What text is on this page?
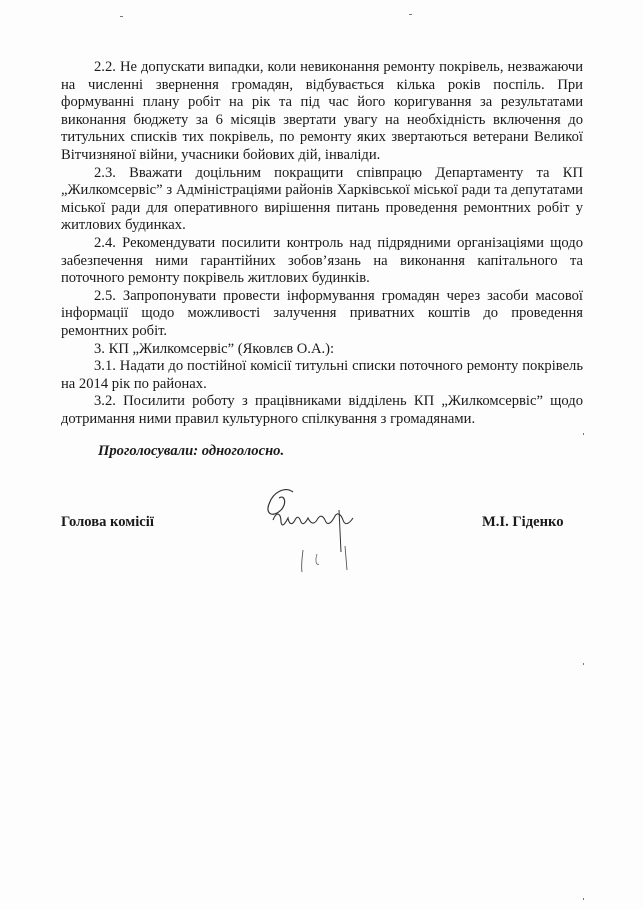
2.2. Не допускати випадки, коли невиконання ремонту покрівель, незважаючи на численні звернення громадян, відбувається кілька років поспіль. При формуванні плану робіт на рік та під час його коригування за результатами виконання бюджету за 6 місяців звертати увагу на необхідність включення до титульних списків тих покрівель, по ремонту яких звертаються ветерани Великої Вітчизняної війни, учасники бойових дій, інваліди.

2.3. Вважати доцільним покращити співпрацю Департаменту та КП „Жилкомсервіс” з Адміністраціями районів Харківської міської ради та депутатами міської ради для оперативного вирішення питань проведення ремонтних робіт у житлових будинках.

2.4. Рекомендувати посилити контроль над підрядними організаціями щодо забезпечення ними гарантійних зобов’язань на виконання капітального та поточного ремонту покрівель житлових будинків.

2.5. Запропонувати провести інформування громадян через засоби масової інформації щодо можливості залучення приватних коштів до проведення ремонтних робіт.

3. КП „Жилкомсервіс” (Яковлєв О.А.):

3.1. Надати до постійної комісії титульні списки поточного ремонту покрівель на 2014 рік по районах.

3.2. Посилити роботу з працівниками відділень КП „Жилкомсервіс” щодо дотримання ними правил культурного спілкування з громадянами.

Проголосували: одноголосно.
Голова комісії	М.І. Гіденко
